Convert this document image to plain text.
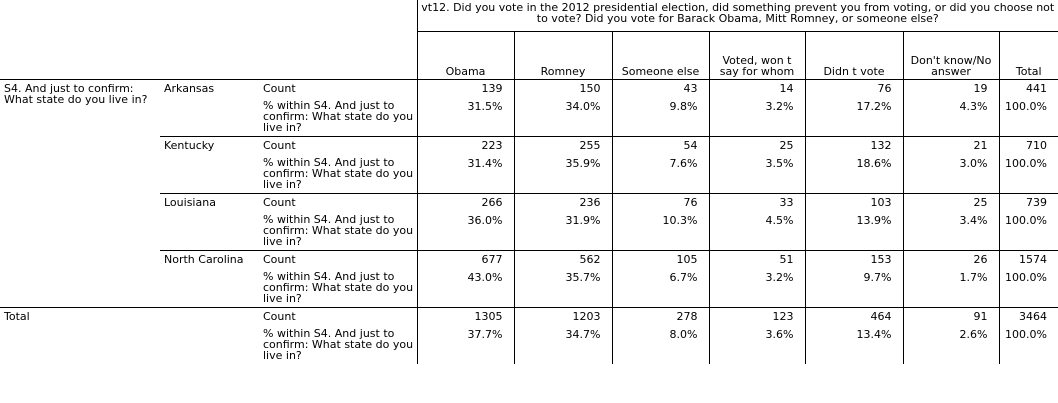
			vt12. Did you vote in the 2012 presidential election, did something prevent you from voting, or did you choose not to vote? Did you vote for Barack Obama, Mitt Romney, or someone else?						
			Obama	Romney	Someone else	Voted, won t say for whom	Didn t vote	Don't know/No answer	Total
S4. And just to confirm: What state do you live in?	Arkansas	Count	139	150	43	14	76	19	441
		% within S4. And just to confirm: What state do you live in?	31.5%	34.0%	9.8%	3.2%	17.2%	4.3%	100.0%
	Kentucky	Count	223	255	54	25	132	21	710
		% within S4. And just to confirm: What state do you live in?	31.4%	35.9%	7.6%	3.5%	18.6%	3.0%	100.0%
	Louisiana	Count	266	236	76	33	103	25	739
		% within S4. And just to confirm: What state do you live in?	36.0%	31.9%	10.3%	4.5%	13.9%	3.4%	100.0%
	North Carolina	Count	677	562	105	51	153	26	1574
		% within S4. And just to confirm: What state do you live in?	43.0%	35.7%	6.7%	3.2%	9.7%	1.7%	100.0%
Total		Count	1305	1203	278	123	464	91	3464
		% within S4. And just to confirm: What state do you live in?	37.7%	34.7%	8.0%	3.6%	13.4%	2.6%	100.0%
